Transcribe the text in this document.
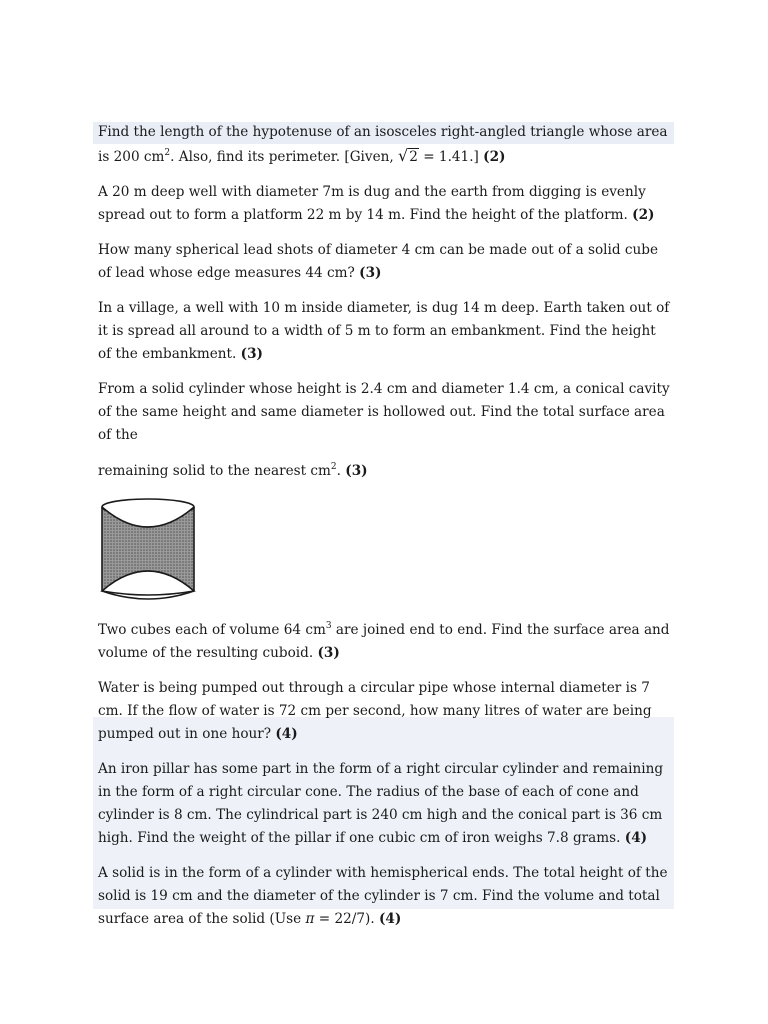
Find the length of the hypotenuse of an isosceles right-angled triangle whose area is 200 $cm^2$. Also, find its perimeter. [Given, √2 = 1.41.] (2)

A 20 m deep well with diameter 7m is dug and the earth from digging is evenly spread out to form a platform 22 m by 14 m. Find the height of the platform. (2)

How many spherical lead shots of diameter 4 cm can be made out of a solid cube of lead whose edge measures 44 cm? (3)

In a village, a well with 10 m inside diameter, is dug 14 m deep. Earth taken out of it is spread all around to a width of 5 m to form an embankment. Find the height of the embankment. (3)

From a solid cylinder whose height is 2.4 cm and diameter 1.4 cm, a conical cavity of the same height and same diameter is hollowed out. Find the total surface area of the
remaining solid to the nearest $cm^2$. (3)

Two cubes each of volume 64 $cm^3$ are joined end to end. Find the surface area and volume of the resulting cuboid. (3)

Water is being pumped out through a circular pipe whose internal diameter is 7 cm. If the flow of water is 72 cm per second, how many litres of water are being pumped out in one hour? (4)

An iron pillar has some part in the form of a right circular cylinder and remaining in the form of a right circular cone. The radius of the base of each of cone and cylinder is 8 cm. The cylindrical part is 240 cm high and the conical part is 36 cm high. Find the weight of the pillar if one cubic cm of iron weighs 7.8 grams. (4)

A solid is in the form of a cylinder with hemispherical ends. The total height of the solid is 19 cm and the diameter of the cylinder is 7 cm. Find the volume and total surface area of the solid (Use π = 22/7). (4)
